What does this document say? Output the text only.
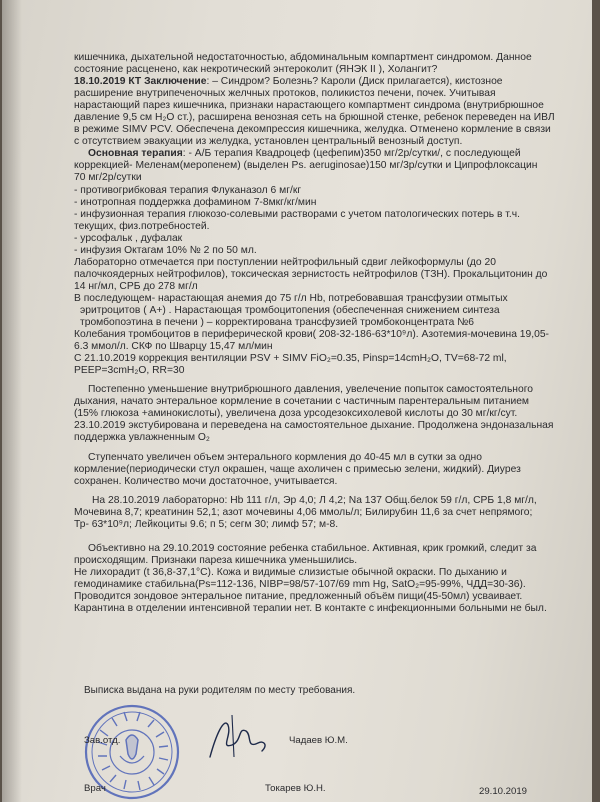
кишечника, дыхательной недостаточностью, абдоминальным компартмент синдромом. Данное
состояние расценено, как некротический энтероколит (ЯНЭК II ), Холангит?
18.10.2019 КТ Заключение: – Синдром? Болезнь? Кароли (Диск прилагается), кистозное
расширение внутрипеченочных желчных протоков, поликистоз печени, почек. Учитывая
нарастающий парез кишечника, признаки нарастающего компартмент синдрома (внутрибрюшное
давление 9,5 см H₂O ст.), расширена венозная сеть на брюшной стенке, ребенок переведен на ИВЛ
в режиме SIMV PCV. Обеспечена декомпрессия кишечника, желудка. Отменено кормление в связи
с отсутствием эвакуации из желудка, установлен центральный венозный доступ.
Основная терапия: - А/Б терапия Квадроцеф (цефепим)350 мг/2р/сутки/, с последующей
коррекцией- Меленам(меропенем) (выделен Ps. aeruginosae)150 мг/3р/сутки и Ципрофлоксацин
70 мг/2р/сутки
- противогрибковая терапия Флуканазол 6 мг/кг
- инотропная поддержка дофамином 7-8мкг/кг/мин
- инфузионная терапия глюкозо-солевыми растворами с учетом патологических потерь в т.ч.
текущих, физ.потребностей.
- урсофальк , дуфалак
- инфузия Октагам 10% № 2 по 50 мл.
Лабораторно отмечается при поступлении нейтрофильный сдвиг лейкоформулы (до 20
палочкоядерных нейтрофилов), токсическая зернистость нейтрофилов (ТЗН). Прокальцитонин до
14 нг/мл, СРБ до 278 мг/л
В последующем- нарастающая анемия до 75 г/л Hb, потребовавшая трансфузии отмытых
эритроцитов ( A+) . Нарастающая тромбоцитопения (обеспеченная снижением синтеза
тромбопоэтина в печени ) – корректирована трансфузией тромбоконцентрата №6
Колебания тромбоцитов в периферической крови( 208-32-186-63*10⁹л). Азотемия-мочевина 19,05-
6.3 ммол/л. СКФ по Шварцу 15,47 мл/мин
С 21.10.2019 коррекция вентиляции PSV + SIMV FiO₂=0.35, Pinsp=14cmH₂O, TV=68-72 ml,
PEEP=3cmH₂O, RR=30
Постепенно уменьшение внутрибрюшного давления, увелечение попыток самостоятельного
дыхания, начато энтеральное кормление в сочетании с частичным парентеральным питанием
(15% глюкоза +аминокислоты), увеличена доза урсодезоксихолевой кислоты до 30 мг/кг/сут.
23.10.2019 экстубирована и переведена на самостоятельное дыхание. Продолжена эндоназальная
поддержка увлажненным O₂
Ступенчато увеличен объем энтерального кормления до 40-45 мл в сутки за одно
кормление(периодически стул окрашен, чаще ахоличен с примесью зелени, жидкий). Диурез
сохранен. Количество мочи достаточное, учитывается.
На 28.10.2019 лабораторно: Hb 111 г/л, Эр 4,0; Л 4,2; Na 137 Общ.белок 59 г/л, СРБ 1,8 мг/л,
Мочевина 8,7; креатинин 52,1; азот мочевины 4,06 ммоль/л; Билирубин 11,6 за счет непрямого;
Тр- 63*10⁹л; Лейкоциты 9.6; п 5; сегм 30; лимф 57; м-8.
Объективно на 29.10.2019 состояние ребенка стабильное. Активная, крик громкий, следит за
происходящим. Признаки пареза кишечника уменьшились.
Не лихорадит (t 36,8-37,1°С). Кожа и видимые слизистые обычной окраски. По дыханию и
гемодинамике стабильна(Ps=112-136, NIBP=98/57-107/69 mm Hg, SatO₂=95-99%, ЧДД=30-36).
Проводится зондовое энтеральное питание, предложенный объём пищи(45-50мл) усваивает.
Карантина в отделении интенсивной терапии нет. В контакте с инфекционными больными не был.
Выписка выдана на руки родителям по месту требования.
Зав.отд.	Чадаев Ю.М.
Врач	Токарев Ю.Н.	29.10.2019
